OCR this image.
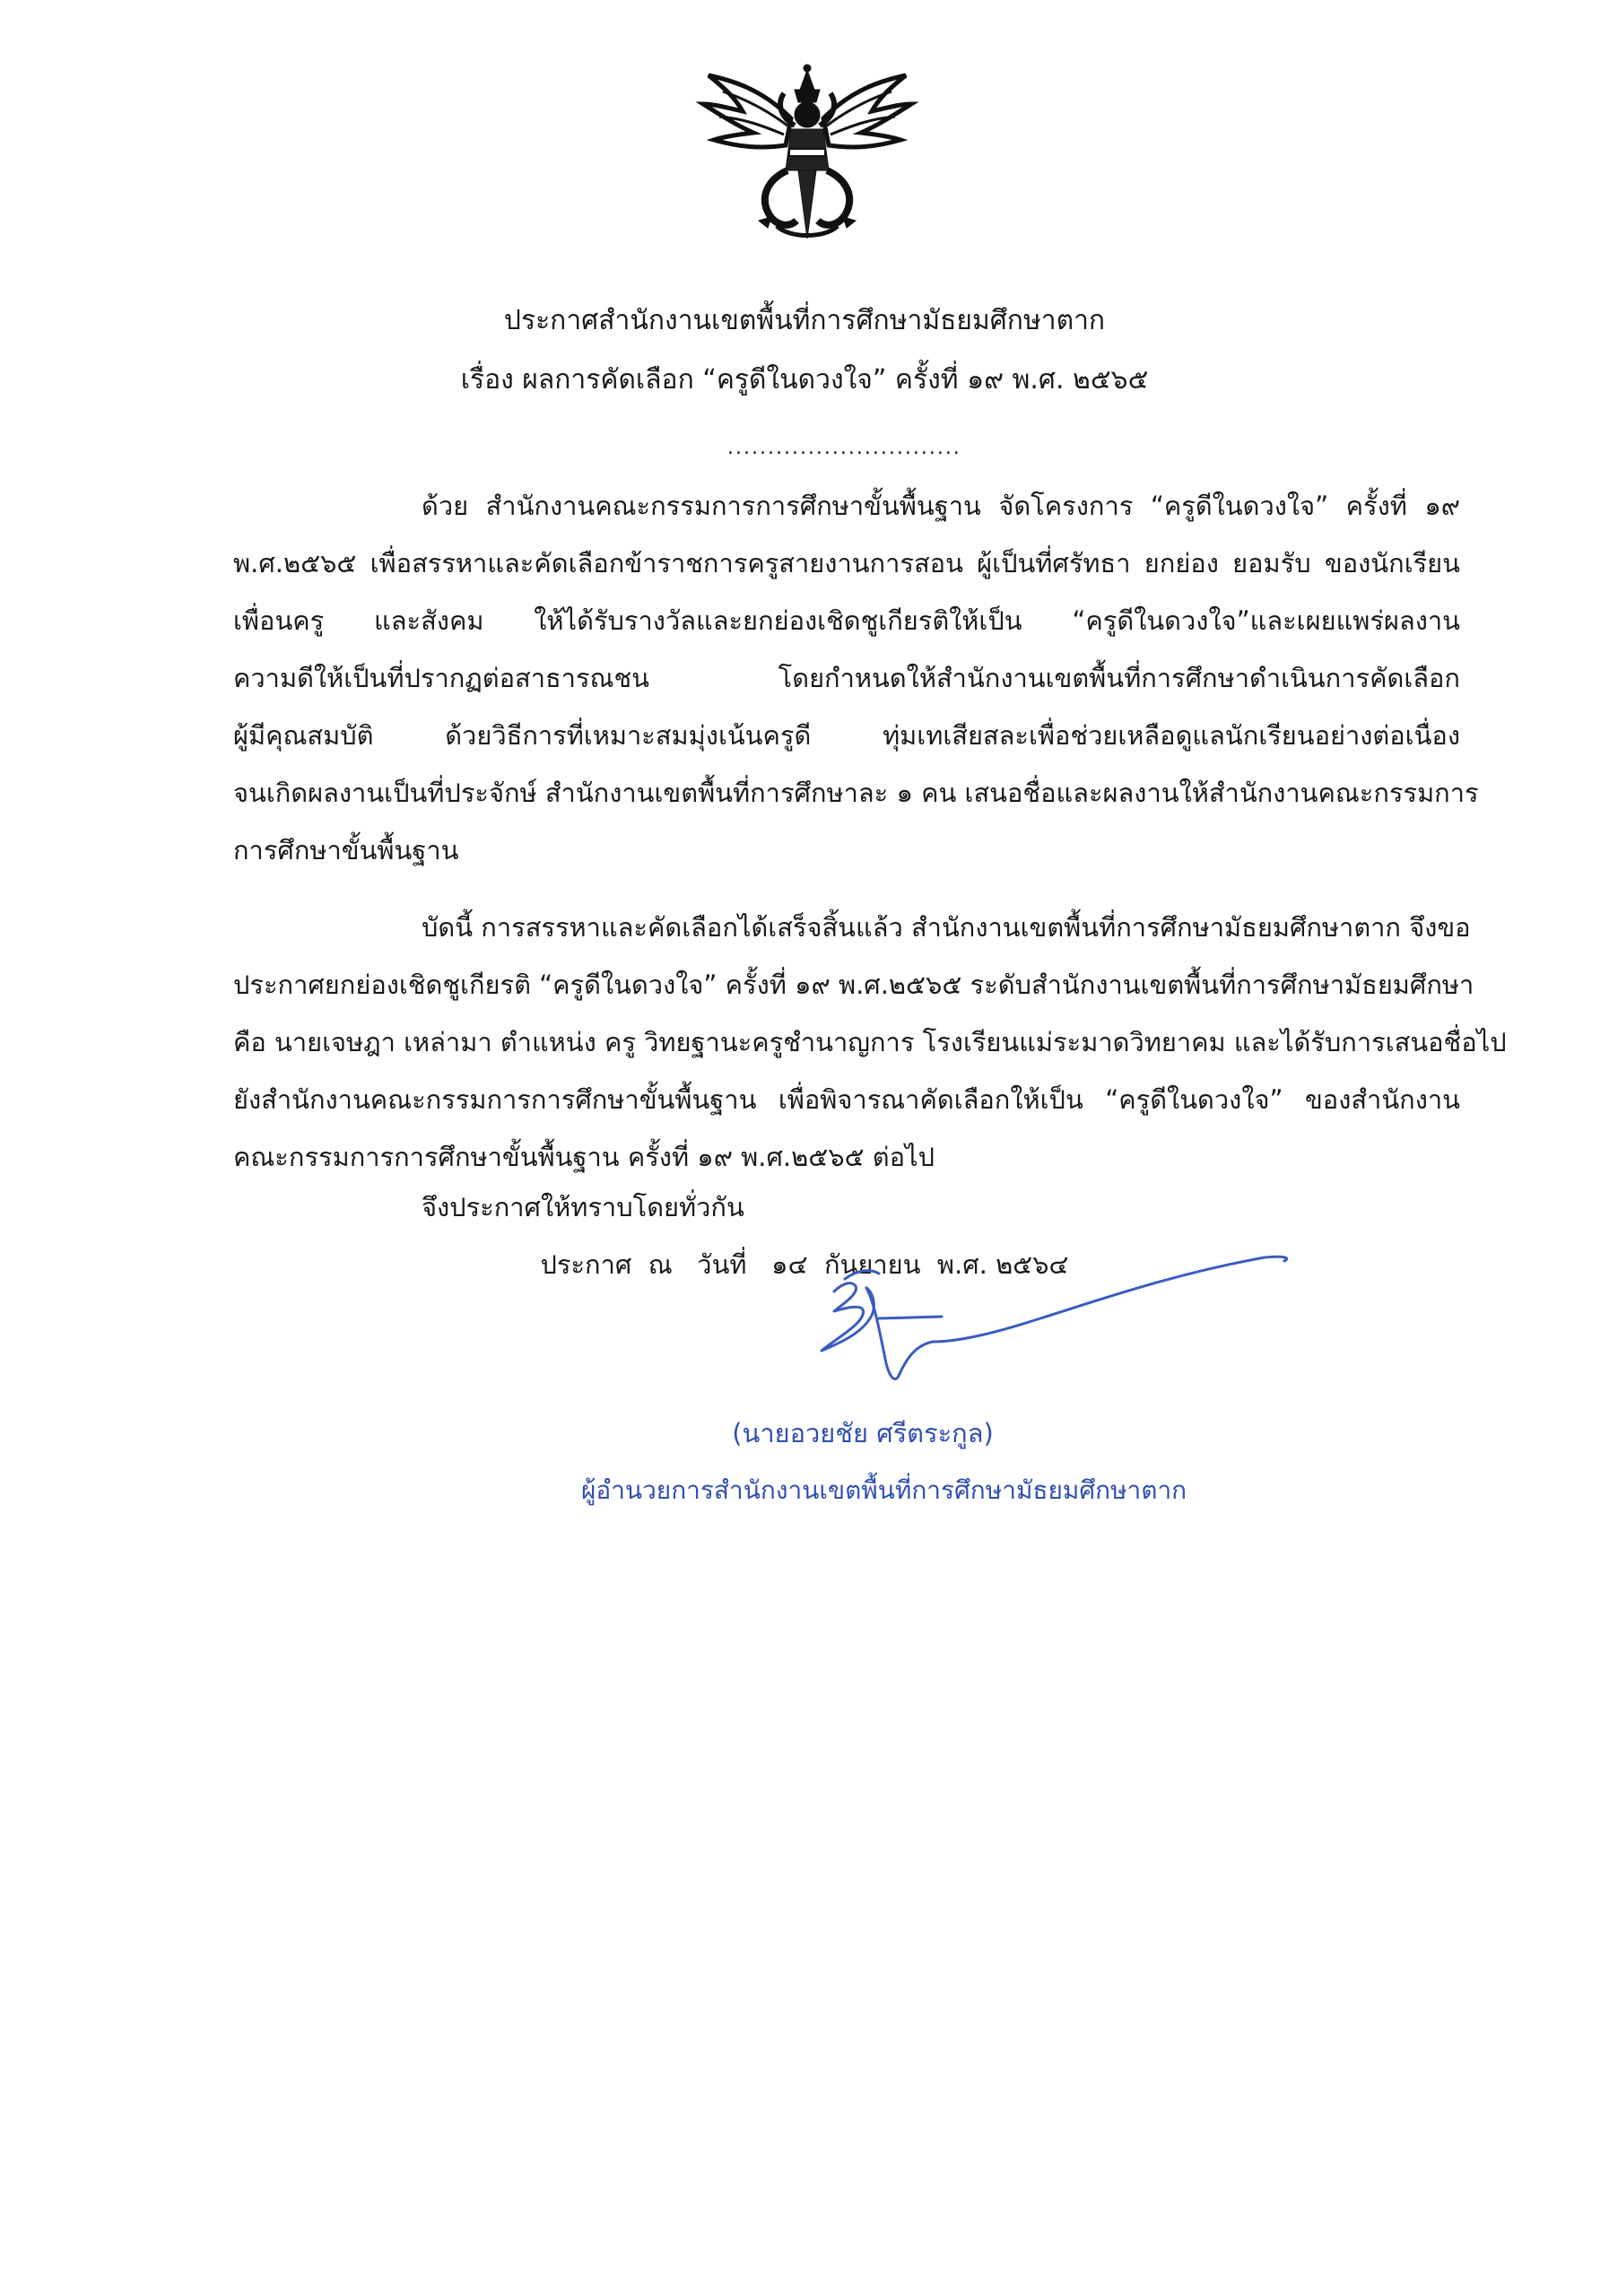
ประกาศสำนักงานเขตพื้นที่การศึกษามัธยมศึกษาตาก
เรื่อง ผลการคัดเลือก “ครูดีในดวงใจ” ครั้งที่ ๑๙ พ.ศ. ๒๕๖๕
.............................
ด้วย สำนักงานคณะกรรมการการศึกษาขั้นพื้นฐาน จัดโครงการ “ครูดีในดวงใจ” ครั้งที่ ๑๙
พ.ศ.๒๕๖๕ เพื่อสรรหาและคัดเลือกข้าราชการครูสายงานการสอน ผู้เป็นที่ศรัทธา ยกย่อง ยอมรับ ของนักเรียน
เพื่อนครู และสังคม ให้ได้รับรางวัลและยกย่องเชิดชูเกียรติให้เป็น “ครูดีในดวงใจ”และเผยแพร่ผลงาน
ความดีให้เป็นที่ปรากฏต่อสาธารณชน โดยกำหนดให้สำนักงานเขตพื้นที่การศึกษาดำเนินการคัดเลือก
ผู้มีคุณสมบัติ ด้วยวิธีการที่เหมาะสมมุ่งเน้นครูดี ทุ่มเทเสียสละเพื่อช่วยเหลือดูแลนักเรียนอย่างต่อเนื่อง
จนเกิดผลงานเป็นที่ประจักษ์ สำนักงานเขตพื้นที่การศึกษาละ ๑ คน เสนอชื่อและผลงานให้สำนักงานคณะกรรมการ
การศึกษาขั้นพื้นฐาน
บัดนี้ การสรรหาและคัดเลือกได้เสร็จสิ้นแล้ว สำนักงานเขตพื้นที่การศึกษามัธยมศึกษาตาก จึงขอ
ประกาศยกย่องเชิดชูเกียรติ “ครูดีในดวงใจ” ครั้งที่ ๑๙ พ.ศ.๒๕๖๕ ระดับสำนักงานเขตพื้นที่การศึกษามัธยมศึกษา
คือ นายเจษฎา เหล่ามา ตำแหน่ง ครู วิทยฐานะครูชำนาญการ โรงเรียนแม่ระมาดวิทยาคม และได้รับการเสนอชื่อไป
ยังสำนักงานคณะกรรมการการศึกษาขั้นพื้นฐาน เพื่อพิจารณาคัดเลือกให้เป็น “ครูดีในดวงใจ” ของสำนักงาน
คณะกรรมการการศึกษาขั้นพื้นฐาน ครั้งที่ ๑๙ พ.ศ.๒๕๖๕ ต่อไป
จึงประกาศให้ทราบโดยทั่วกัน
ประกาศ  ณ   วันที่   ๑๔  กันยายน  พ.ศ. ๒๕๖๔
(นายอวยชัย ศรีตระกูล)
ผู้อำนวยการสำนักงานเขตพื้นที่การศึกษามัธยมศึกษาตาก
